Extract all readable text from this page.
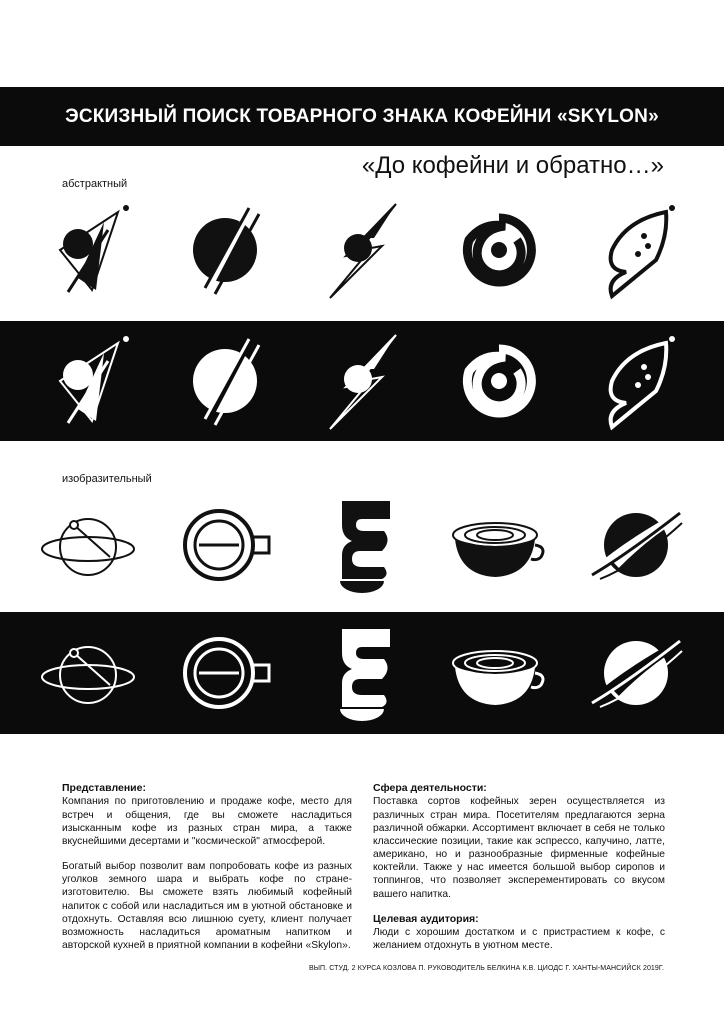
ЭСКИЗНЫЙ ПОИСК ТОВАРНОГО ЗНАКА КОФЕЙНИ «SKYLON»

«До кофейни и обратно…»

абстрактный

изобразительный

Представление:

Компания по приготовлению и продаже кофе, место для встреч и общения, где вы сможете насладиться изысканным кофе из разных стран мира, а также вкуснейшими десертами и "космической" атмосферой.

Богатый выбор позволит вам попробовать кофе из разных уголков земного шара и выбрать кофе по стране-изготовителю. Вы сможете взять любимый кофейный напиток с собой или насладиться им в уютной обстановке и отдохнуть. Оставляя всю лишнюю суету, клиент получает возможность насладиться ароматным напитком и авторской кухней в приятной компании в кофейни «Skylon».

Сфера деятельности:

Поставка сортов кофейных зерен осуществляется из различных стран мира. Посетителям предлагаются зерна различной обжарки. Ассортимент включает в себя не только классические позиции, такие как эспрессо, капучино, латте, американо, но и разнообразные фирменные кофейные коктейли. Также у нас имеется большой выбор сиропов и топпингов, что позволяет эксперементировать со вкусом вашего напитка.

Целевая аудитория:

Люди с хорошим достатком и с пристрастием к кофе, с желанием отдохнуть в уютном месте.

ВЫП. СТУД. 2 КУРСА КОЗЛОВА П. РУКОВОДИТЕЛЬ БЕЛКИНА К.В. ЦИОДС Г. ХАНТЫ-МАНСИЙСК 2019Г.
